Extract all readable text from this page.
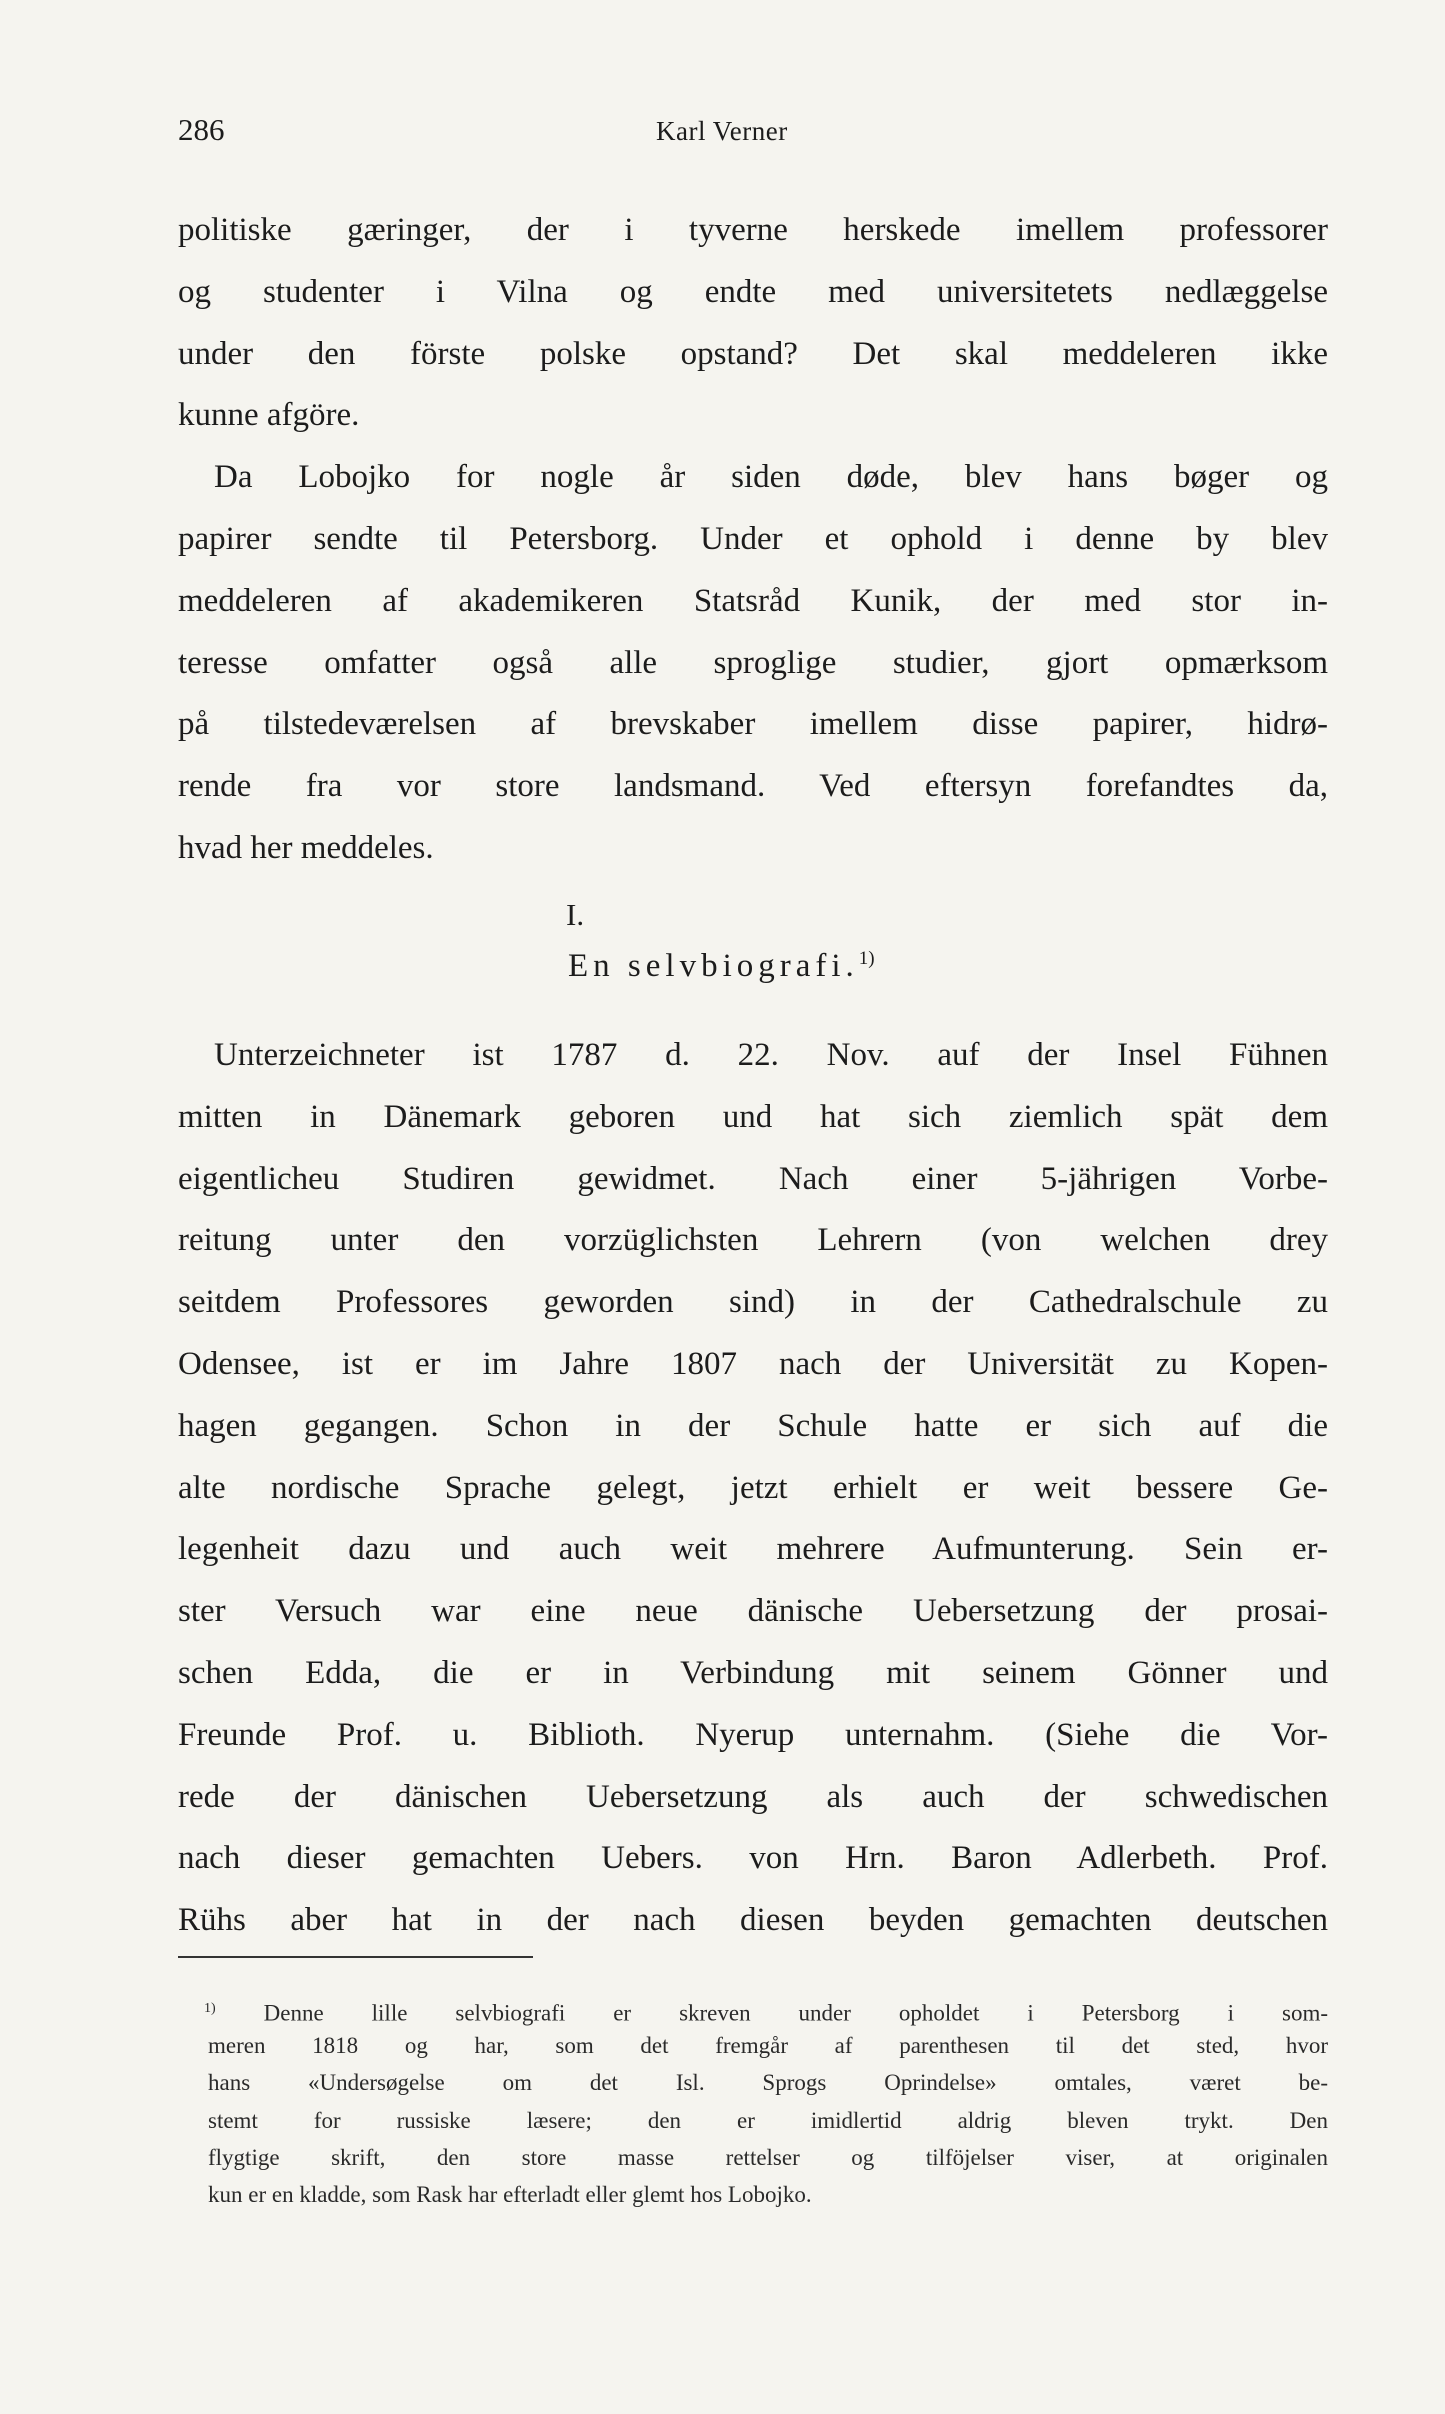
286	Karl Verner
politiske gæringer, der i tyverne herskede imellem professorer
og studenter i Vilna og endte med universitetets nedlæggelse
under den förste polske opstand? Det skal meddeleren ikke
kunne afgöre.
Da Lobojko for nogle år siden døde, blev hans bøger og
papirer sendte til Petersborg. Under et ophold i denne by blev
meddeleren af akademikeren Statsråd Kunik, der med stor in-
teresse omfatter også alle sproglige studier, gjort opmærksom
på tilstedeværelsen af brevskaber imellem disse papirer, hidrø-
rende fra vor store landsmand. Ved eftersyn forefandtes da,
hvad her meddeles.
I.
En selvbiografi.$^{1)}$
Unterzeichneter ist 1787 d. 22. Nov. auf der Insel Fühnen
mitten in Dänemark geboren und hat sich ziemlich spät dem
eigentlicheu Studiren gewidmet. Nach einer 5-jährigen Vorbe-
reitung unter den vorzüglichsten Lehrern (von welchen drey
seitdem Professores geworden sind) in der Cathedralschule zu
Odensee, ist er im Jahre 1807 nach der Universität zu Kopen-
hagen gegangen. Schon in der Schule hatte er sich auf die
alte nordische Sprache gelegt, jetzt erhielt er weit bessere Ge-
legenheit dazu und auch weit mehrere Aufmunterung. Sein er-
ster Versuch war eine neue dänische Uebersetzung der prosai-
schen Edda, die er in Verbindung mit seinem Gönner und
Freunde Prof. u. Biblioth. Nyerup unternahm. (Siehe die Vor-
rede der dänischen Uebersetzung als auch der schwedischen
nach dieser gemachten Uebers. von Hrn. Baron Adlerbeth. Prof.
Rühs aber hat in der nach diesen beyden gemachten deutschen
$^{1)}$ Denne lille selvbiografi er skreven under opholdet i Petersborg i som-
meren 1818 og har, som det fremgår af parenthesen til det sted, hvor
hans «Undersøgelse om det Isl. Sprogs Oprindelse» omtales, været be-
stemt for russiske læsere; den er imidlertid aldrig bleven trykt. Den
flygtige skrift, den store masse rettelser og tilföjelser viser, at originalen
kun er en kladde, som Rask har efterladt eller glemt hos Lobojko.
